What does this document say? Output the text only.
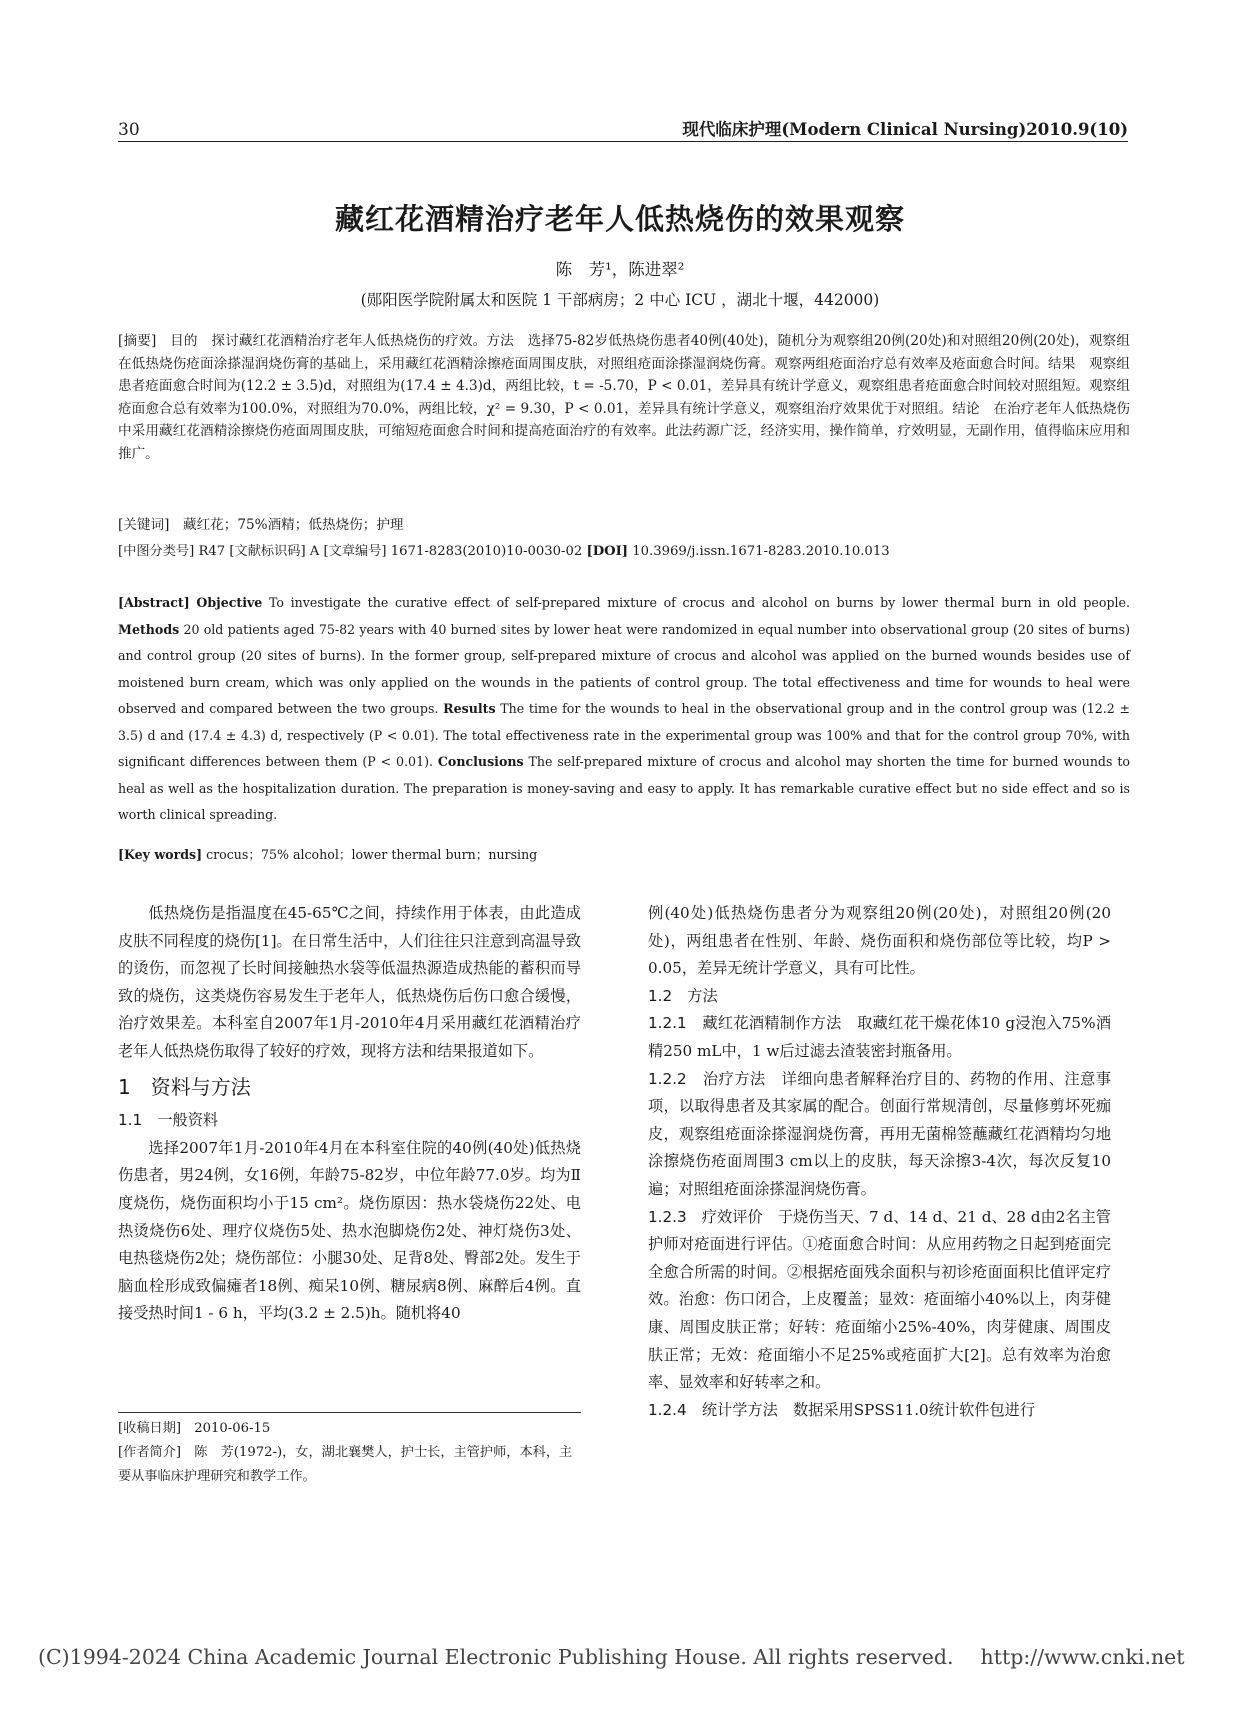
30	现代临床护理(Modern Clinical Nursing)2010.9(10)
藏红花酒精治疗老年人低热烧伤的效果观察
陈　芳¹，陈进翠²
(郧阳医学院附属太和医院 1 干部病房；2 中心 ICU ，湖北十堰，442000)
[摘要]　 目的　探讨藏红花酒精治疗老年人低热烧伤的疗效。方法　选择75-82岁低热烧伤患者40例(40处)，随机分为观察组20例(20处)和对照组20例(20处)，观察组在低热烧伤疮面涂搽湿润烧伤膏的基础上，采用藏红花酒精涂擦疮面周围皮肤，对照组疮面涂搽湿润烧伤膏。观察两组疮面治疗总有效率及疮面愈合时间。结果　观察组患者疮面愈合时间为(12.2 ± 3.5)d，对照组为(17.4 ± 4.3)d，两组比较，t = -5.70，P < 0.01，差异具有统计学意义，观察组患者疮面愈合时间较对照组短。观察组疮面愈合总有效率为100.0%，对照组为70.0%，两组比较，χ² = 9.30，P < 0.01，差异具有统计学意义，观察组治疗效果优于对照组。结论　在治疗老年人低热烧伤中采用藏红花酒精涂擦烧伤疮面周围皮肤，可缩短疮面愈合时间和提高疮面治疗的有效率。此法药源广泛，经济实用，操作简单，疗效明显，无副作用，值得临床应用和推广。
[关键词]　 藏红花；75%酒精；低热烧伤；护理
[中图分类号] R47 [文献标识码] A [文章编号] 1671-8283(2010)10-0030-02 [DOI] 10.3969/j.issn.1671-8283.2010.10.013
[Abstract] Objective To investigate the curative effect of self-prepared mixture of crocus and alcohol on burns by lower thermal burn in old people. Methods 20 old patients aged 75-82 years with 40 burned sites by lower heat were randomized in equal number into observational group (20 sites of burns) and control group (20 sites of burns). In the former group, self-prepared mixture of crocus and alcohol was applied on the burned wounds besides use of moistened burn cream, which was only applied on the wounds in the patients of control group. The total effectiveness and time for wounds to heal were observed and compared between the two groups. Results The time for the wounds to heal in the observational group and in the control group was (12.2 ± 3.5) d and (17.4 ± 4.3) d, respectively (P < 0.01). The total effectiveness rate in the experimental group was 100% and that for the control group 70%, with significant differences between them (P < 0.01). Conclusions The self-prepared mixture of crocus and alcohol may shorten the time for burned wounds to heal as well as the hospitalization duration. The preparation is money-saving and easy to apply. It has remarkable curative effect but no side effect and so is worth clinical spreading.
[Key words] crocus；75% alcohol；lower thermal burn；nursing

低热烧伤是指温度在45-65℃之间，持续作用于体表，由此造成皮肤不同程度的烧伤[1]。在日常生活中，人们往往只注意到高温导致的烫伤，而忽视了长时间接触热水袋等低温热源造成热能的蓄积而导致的烧伤，这类烧伤容易发生于老年人，低热烧伤后伤口愈合缓慢，治疗效果差。本科室自2007年1月-2010年4月采用藏红花酒精治疗老年人低热烧伤取得了较好的疗效，现将方法和结果报道如下。

1　资料与方法

1.1　一般资料

选择2007年1月-2010年4月在本科室住院的40例(40处)低热烧伤患者，男24例，女16例，年龄75-82岁，中位年龄77.0岁。均为Ⅱ度烧伤，烧伤面积均小于15 cm²。烧伤原因：热水袋烧伤22处、电热烫烧伤6处、理疗仪烧伤5处、热水泡脚烧伤2处、神灯烧伤3处、电热毯烧伤2处；烧伤部位：小腿30处、足背8处、臀部2处。发生于脑血栓形成致偏瘫者18例、痴呆10例、糖尿病8例、麻醉后4例。直接受热时间1 - 6 h，平均(3.2 ± 2.5)h。随机将40

例(40处)低热烧伤患者分为观察组20例(20处)，对照组20例(20处)，两组患者在性别、年龄、烧伤面积和烧伤部位等比较，均P > 0.05，差异无统计学意义，具有可比性。

1.2　方法

1.2.1　藏红花酒精制作方法　 取藏红花干燥花体10 g浸泡入75%酒精250 mL中，1 w后过滤去渣装密封瓶备用。

1.2.2　治疗方法　 详细向患者解释治疗目的、药物的作用、注意事项，以取得患者及其家属的配合。创面行常规清创，尽量修剪坏死痂皮，观察组疮面涂搽湿润烧伤膏，再用无菌棉签蘸藏红花酒精均匀地涂擦烧伤疮面周围3 cm以上的皮肤，每天涂擦3-4次，每次反复10遍；对照组疮面涂搽湿润烧伤膏。

1.2.3　疗效评价　 于烧伤当天、7 d、14 d、21 d、28 d由2名主管护师对疮面进行评估。①疮面愈合时间：从应用药物之日起到疮面完全愈合所需的时间。②根据疮面残余面积与初诊疮面面积比值评定疗效。治愈：伤口闭合，上皮覆盖；显效：疮面缩小40%以上，肉芽健康、周围皮肤正常；好转：疮面缩小25%-40%，肉芽健康、周围皮肤正常；无效：疮面缩小不足25%或疮面扩大[2]。总有效率为治愈率、显效率和好转率之和。

1.2.4　统计学方法　 数据采用SPSS11.0统计软件包进行

(C)1994-2024 China Academic Journal Electronic Publishing House. All rights reserved.　 http://www.cnki.net
[收稿日期]　 2010-06-15
[作者简介]　 陈　芳(1972-)，女，湖北襄樊人，护士长，主管护师，本科，主要从事临床护理研究和教学工作。
